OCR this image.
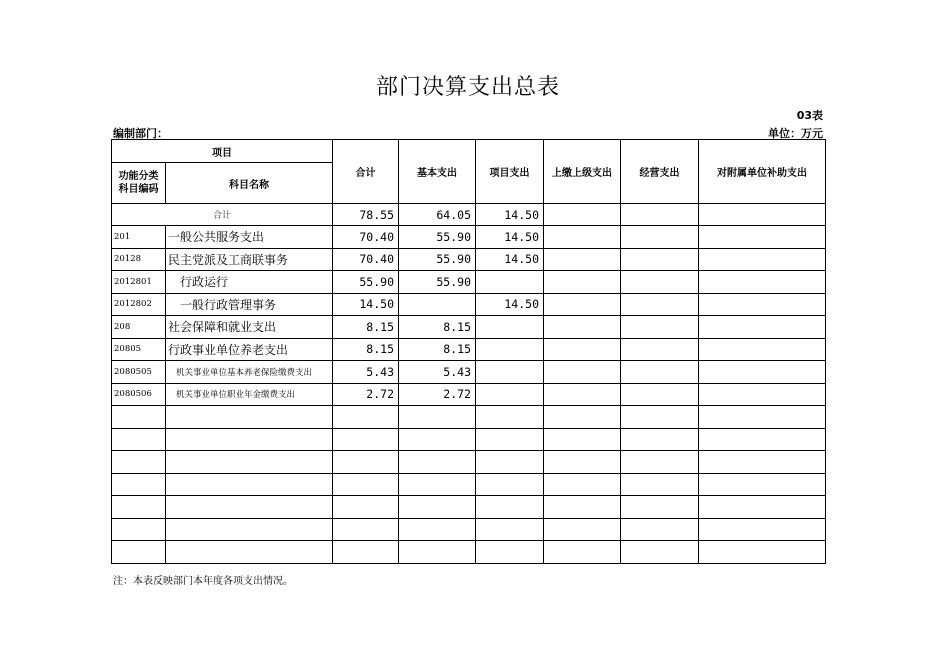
部门决算支出总表
03表
编制部门：	单位：万元
项目		合计	基本支出	项目支出	上缴上级支出	经营支出	对附属单位补助支出

功能分类
科目编码	科目名称						
合计		78.55	64.05	14.50			
201	一般公共服务支出	70.40	55.90	14.50			
20128	民主党派及工商联事务	70.40	55.90	14.50			
2012801	行政运行	55.90	55.90				
2012802	一般行政管理事务	14.50		14.50			
208	社会保障和就业支出	8.15	8.15				
20805	行政事业单位养老支出	8.15	8.15				
2080505	机关事业单位基本养老保险缴费支出	5.43	5.43				
2080506	机关事业单位职业年金缴费支出	2.72	2.72				

注：本表反映部门本年度各项支出情况。
